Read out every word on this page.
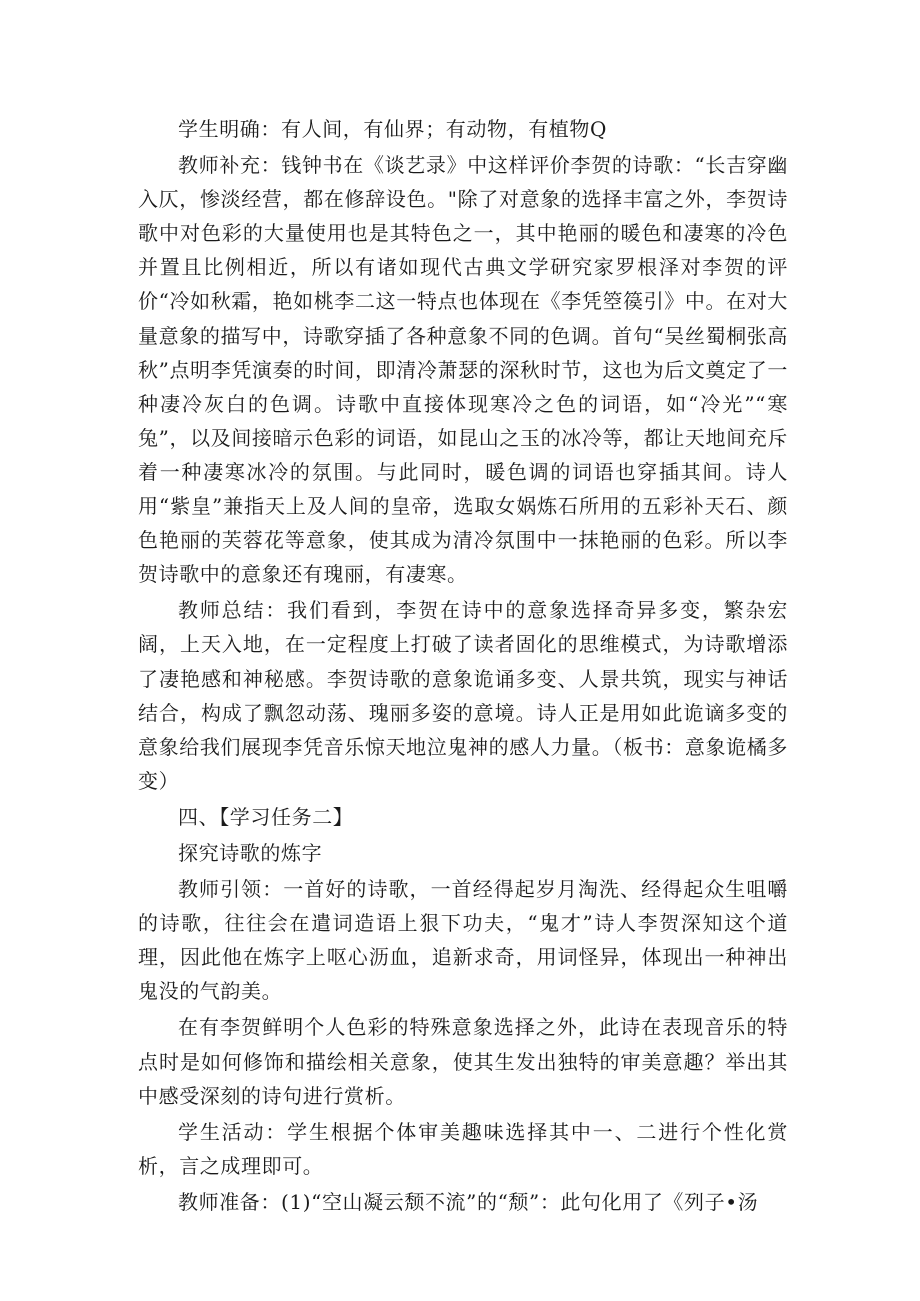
学生明确：有人间，有仙界；有动物，有植物Q

教师补充：钱钟书在《谈艺录》中这样评价李贺的诗歌：“长吉穿幽入仄，惨淡经营，都在修辞设色。"除了对意象的选择丰富之外，李贺诗歌中对色彩的大量使用也是其特色之一，其中艳丽的暖色和凄寒的冷色并置且比例相近，所以有诸如现代古典文学研究家罗根泽对李贺的评价“冷如秋霜，艳如桃李二这一特点也体现在《李凭箜篌引》中。在对大量意象的描写中，诗歌穿插了各种意象不同的色调。首句“吴丝蜀桐张高秋”点明李凭演奏的时间，即清冷萧瑟的深秋时节，这也为后文奠定了一种凄冷灰白的色调。诗歌中直接体现寒冷之色的词语，如“冷光”“寒兔”，以及间接暗示色彩的词语，如昆山之玉的冰冷等，都让天地间充斥着一种凄寒冰冷的氛围。与此同时，暖色调的词语也穿插其间。诗人用“紫皇”兼指天上及人间的皇帝，选取女娲炼石所用的五彩补天石、颜色艳丽的芙蓉花等意象，使其成为清冷氛围中一抹艳丽的色彩。所以李贺诗歌中的意象还有瑰丽，有凄寒。

教师总结：我们看到，李贺在诗中的意象选择奇异多变，繁杂宏阔，上天入地，在一定程度上打破了读者固化的思维模式，为诗歌增添了凄艳感和神秘感。李贺诗歌的意象诡诵多变、人景共筑，现实与神话结合，构成了飘忽动荡、瑰丽多姿的意境。诗人正是用如此诡谪多变的意象给我们展现李凭音乐惊天地泣鬼神的感人力量。（板书：意象诡橘多变）

四、【学习任务二】

探究诗歌的炼字

教师引领：一首好的诗歌，一首经得起岁月淘洗、经得起众生咀嚼的诗歌，往往会在遣词造语上狠下功夫，“鬼才”诗人李贺深知这个道理，因此他在炼字上呕心沥血，追新求奇，用词怪异，体现出一种神出鬼没的气韵美。

在有李贺鲜明个人色彩的特殊意象选择之外，此诗在表现音乐的特点时是如何修饰和描绘相关意象，使其生发出独特的审美意趣？举出其中感受深刻的诗句进行赏析。

学生活动：学生根据个体审美趣味选择其中一、二进行个性化赏析，言之成理即可。

教师准备：(1)“空山凝云颓不流”的“颓”：此句化用了《列子•汤
